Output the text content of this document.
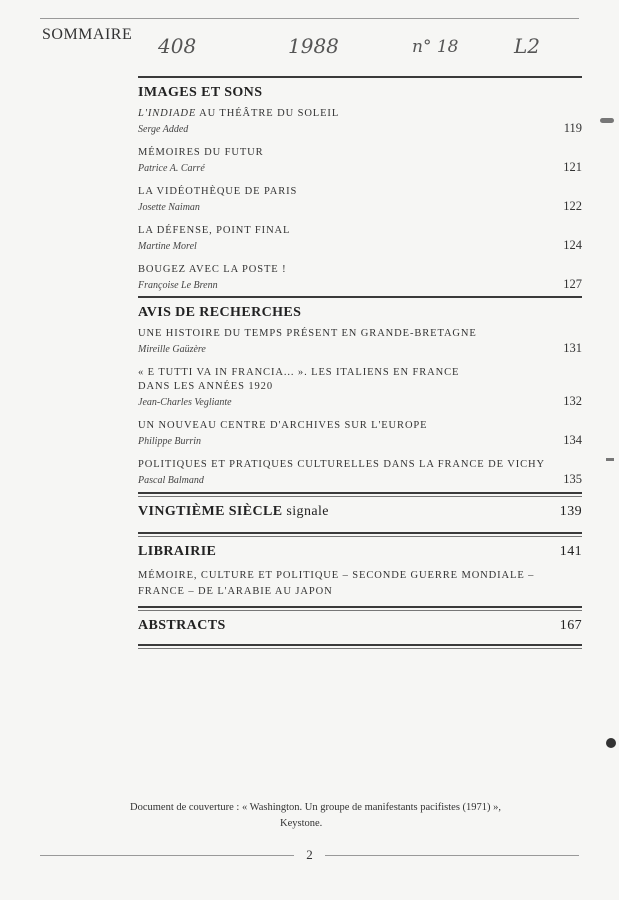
SOMMAIRE 408	1988	n° 18	L2
IMAGES ET SONS
L'INDIADE AU THÉÂTRE DU SOLEIL
Serge Added	119
MÉMOIRES DU FUTUR
Patrice A. Carré	121
LA VIDÉOTHÈQUE DE PARIS
Josette Naiman	122
LA DÉFENSE, POINT FINAL
Martine Morel	124
BOUGEZ AVEC LA POSTE !
Françoise Le Brenn	127
AVIS DE RECHERCHES
UNE HISTOIRE DU TEMPS PRÉSENT EN GRANDE-BRETAGNE
Mireille Gaüzère	131
« E TUTTI VA IN FRANCIA... ». LES ITALIENS EN FRANCE
DANS LES ANNÉES 1920
Jean-Charles Vegliante	132
UN NOUVEAU CENTRE D'ARCHIVES SUR L'EUROPE
Philippe Burrin	134
POLITIQUES ET PRATIQUES CULTURELLES DANS LA FRANCE DE VICHY
Pascal Balmand	135
VINGTIÈME SIÈCLE signale	139
LIBRAIRIE	141
MÉMOIRE, CULTURE ET POLITIQUE – SECONDE GUERRE MONDIALE –
FRANCE – DE L'ARABIE AU JAPON
ABSTRACTS	167
Document de couverture : « Washington. Un groupe de manifestants pacifistes (1971) »,
Keystone.
2
